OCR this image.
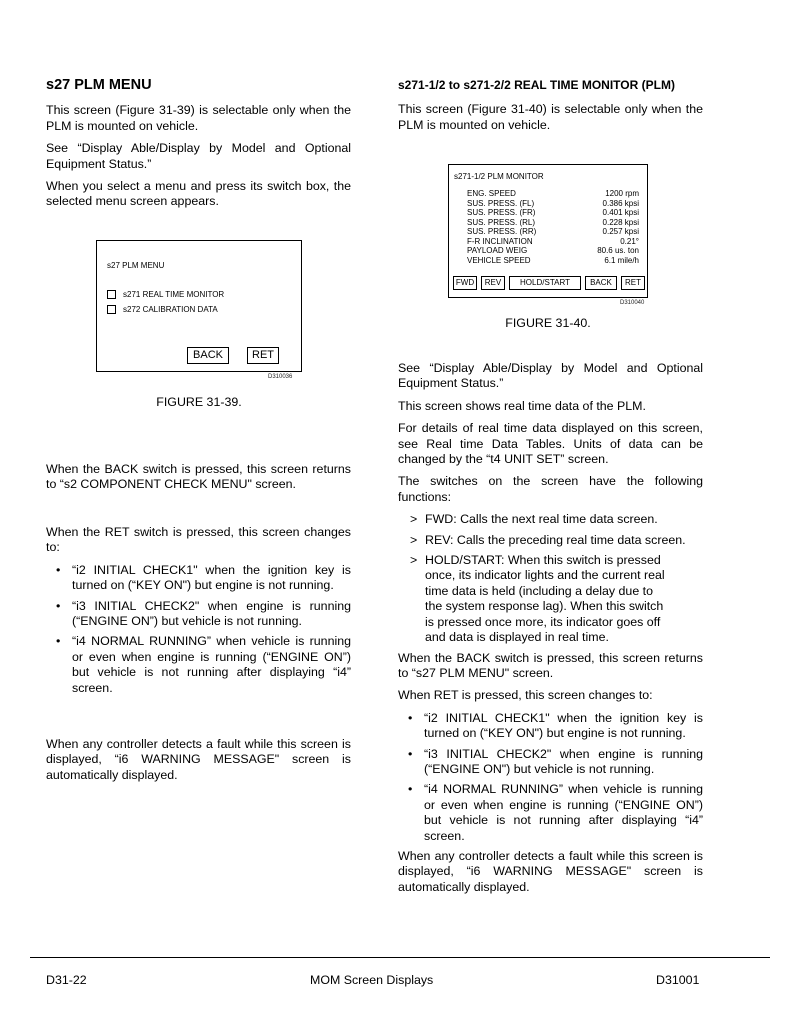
s27 PLM MENU
This screen (Figure 31-39) is selectable only when the PLM is mounted on vehicle.
See “Display Able/Display by Model and Optional Equipment Status.”
When you select a menu and press its switch box, the selected menu screen appears.
s27 PLM MENU
s271 REAL TIME MONITOR
s272 CALIBRATION DATA
BACK	RET
D310036
FIGURE 31-39.
When the BACK switch is pressed, this screen returns to “s2 COMPONENT CHECK MENU" screen.
When the RET switch is pressed, this screen changes to:
• “i2 INITIAL CHECK1" when the ignition key is turned on (“KEY ON") but engine is not running.
• “i3 INITIAL CHECK2" when engine is running (“ENGINE ON”) but vehicle is not running.
• “i4 NORMAL RUNNING” when vehicle is running or even when engine is running (“ENGINE ON”) but vehicle is not running after displaying “i4” screen.
When any controller detects a fault while this screen is displayed, “i6 WARNING MESSAGE" screen is automatically displayed.
s271-1/2 to s271-2/2 REAL TIME MONITOR (PLM)
This screen (Figure 31-40) is selectable only when the PLM is mounted on vehicle.
s271-1/2 PLM MONITOR
ENG. SPEED	1200 rpm
SUS. PRESS. (FL)	0.386 kpsi
SUS. PRESS. (FR)	0.401 kpsi
SUS. PRESS. (RL)	0.228 kpsi
SUS. PRESS. (RR)	0.257 kpsi
F-R INCLINATION	0.21°
PAYLOAD WEIG	80.6 us. ton
VEHICLE SPEED	6.1 mile/h
FWD	REV	HOLD/START	BACK	RET
D310040
FIGURE 31-40.
See “Display Able/Display by Model and Optional Equipment Status.”
This screen shows real time data of the PLM.
For details of real time data displayed on this screen, see Real time Data Tables. Units of data can be changed by the “t4 UNIT SET” screen.
The switches on the screen have the following functions:
> FWD: Calls the next real time data screen.
> REV: Calls the preceding real time data screen.
> HOLD/START: When this switch is pressed once, its indicator lights and the current real time data is held (including a delay due to the system response lag). When this switch is pressed once more, its indicator goes off and data is displayed in real time.
When the BACK switch is pressed, this screen returns to “s27 PLM MENU" screen.
When RET is pressed, this screen changes to:
• “i2 INITIAL CHECK1" when the ignition key is turned on (“KEY ON") but engine is not running.
• “i3 INITIAL CHECK2" when engine is running (“ENGINE ON") but vehicle is not running.
• “i4 NORMAL RUNNING” when vehicle is running or even when engine is running (“ENGINE ON”) but vehicle is not running after displaying “i4” screen.
When any controller detects a fault while this screen is displayed, “i6 WARNING MESSAGE" screen is automatically displayed.
D31-22	MOM Screen Displays	D31001
